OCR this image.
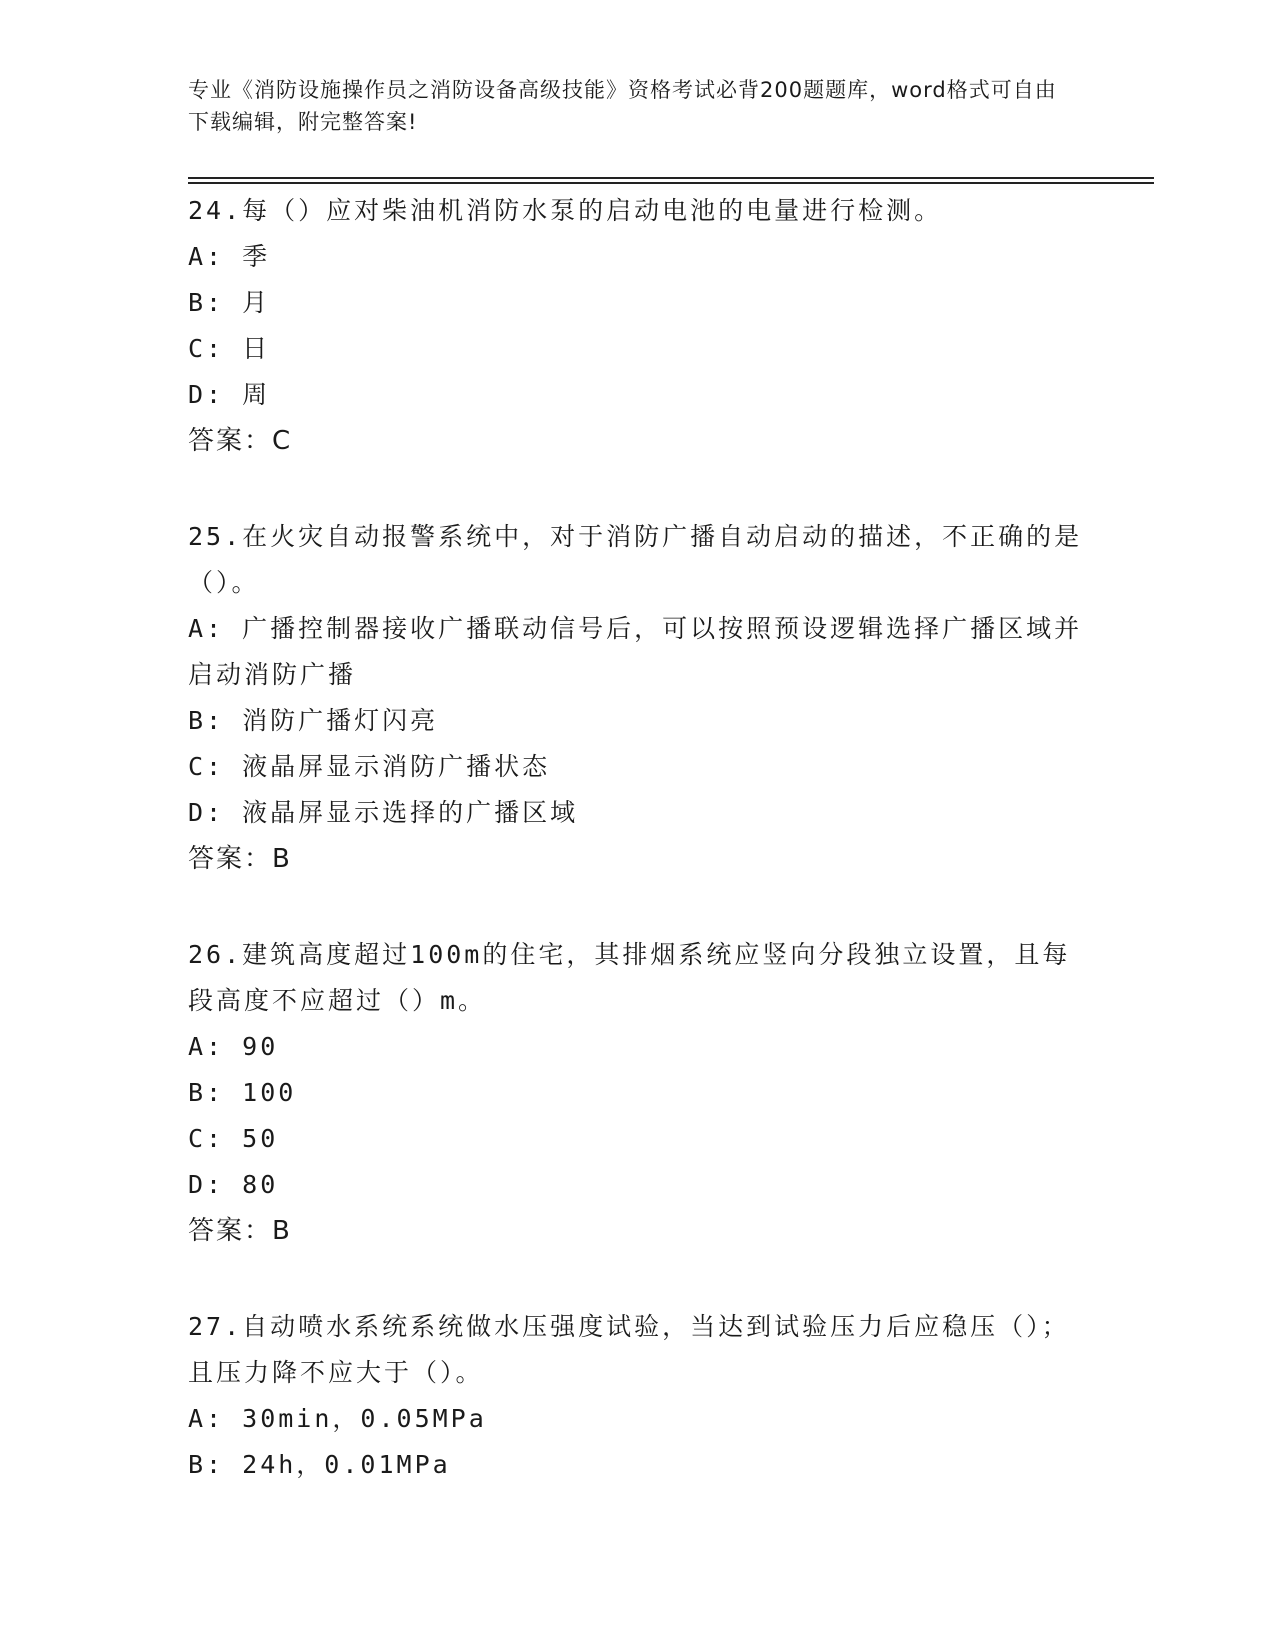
专业《消防设施操作员之消防设备高级技能》资格考试必背200题题库，word格式可自由下载编辑，附完整答案!
24.每（）应对柴油机消防水泵的启动电池的电量进行检测。
A: 季
B: 月
C: 日
D: 周
答案：C
25.在火灾自动报警系统中，对于消防广播自动启动的描述，不正确的是（）。
A: 广播控制器接收广播联动信号后，可以按照预设逻辑选择广播区域并启动消防广播
B: 消防广播灯闪亮
C: 液晶屏显示消防广播状态
D: 液晶屏显示选择的广播区域
答案：B
26.建筑高度超过100m的住宅，其排烟系统应竖向分段独立设置，且每段高度不应超过（）m。
A: 90
B: 100
C: 50
D: 80
答案：B
27.自动喷水系统系统做水压强度试验，当达到试验压力后应稳压（）；且压力降不应大于（）。
A: 30min，0.05MPa
B: 24h，0.01MPa
